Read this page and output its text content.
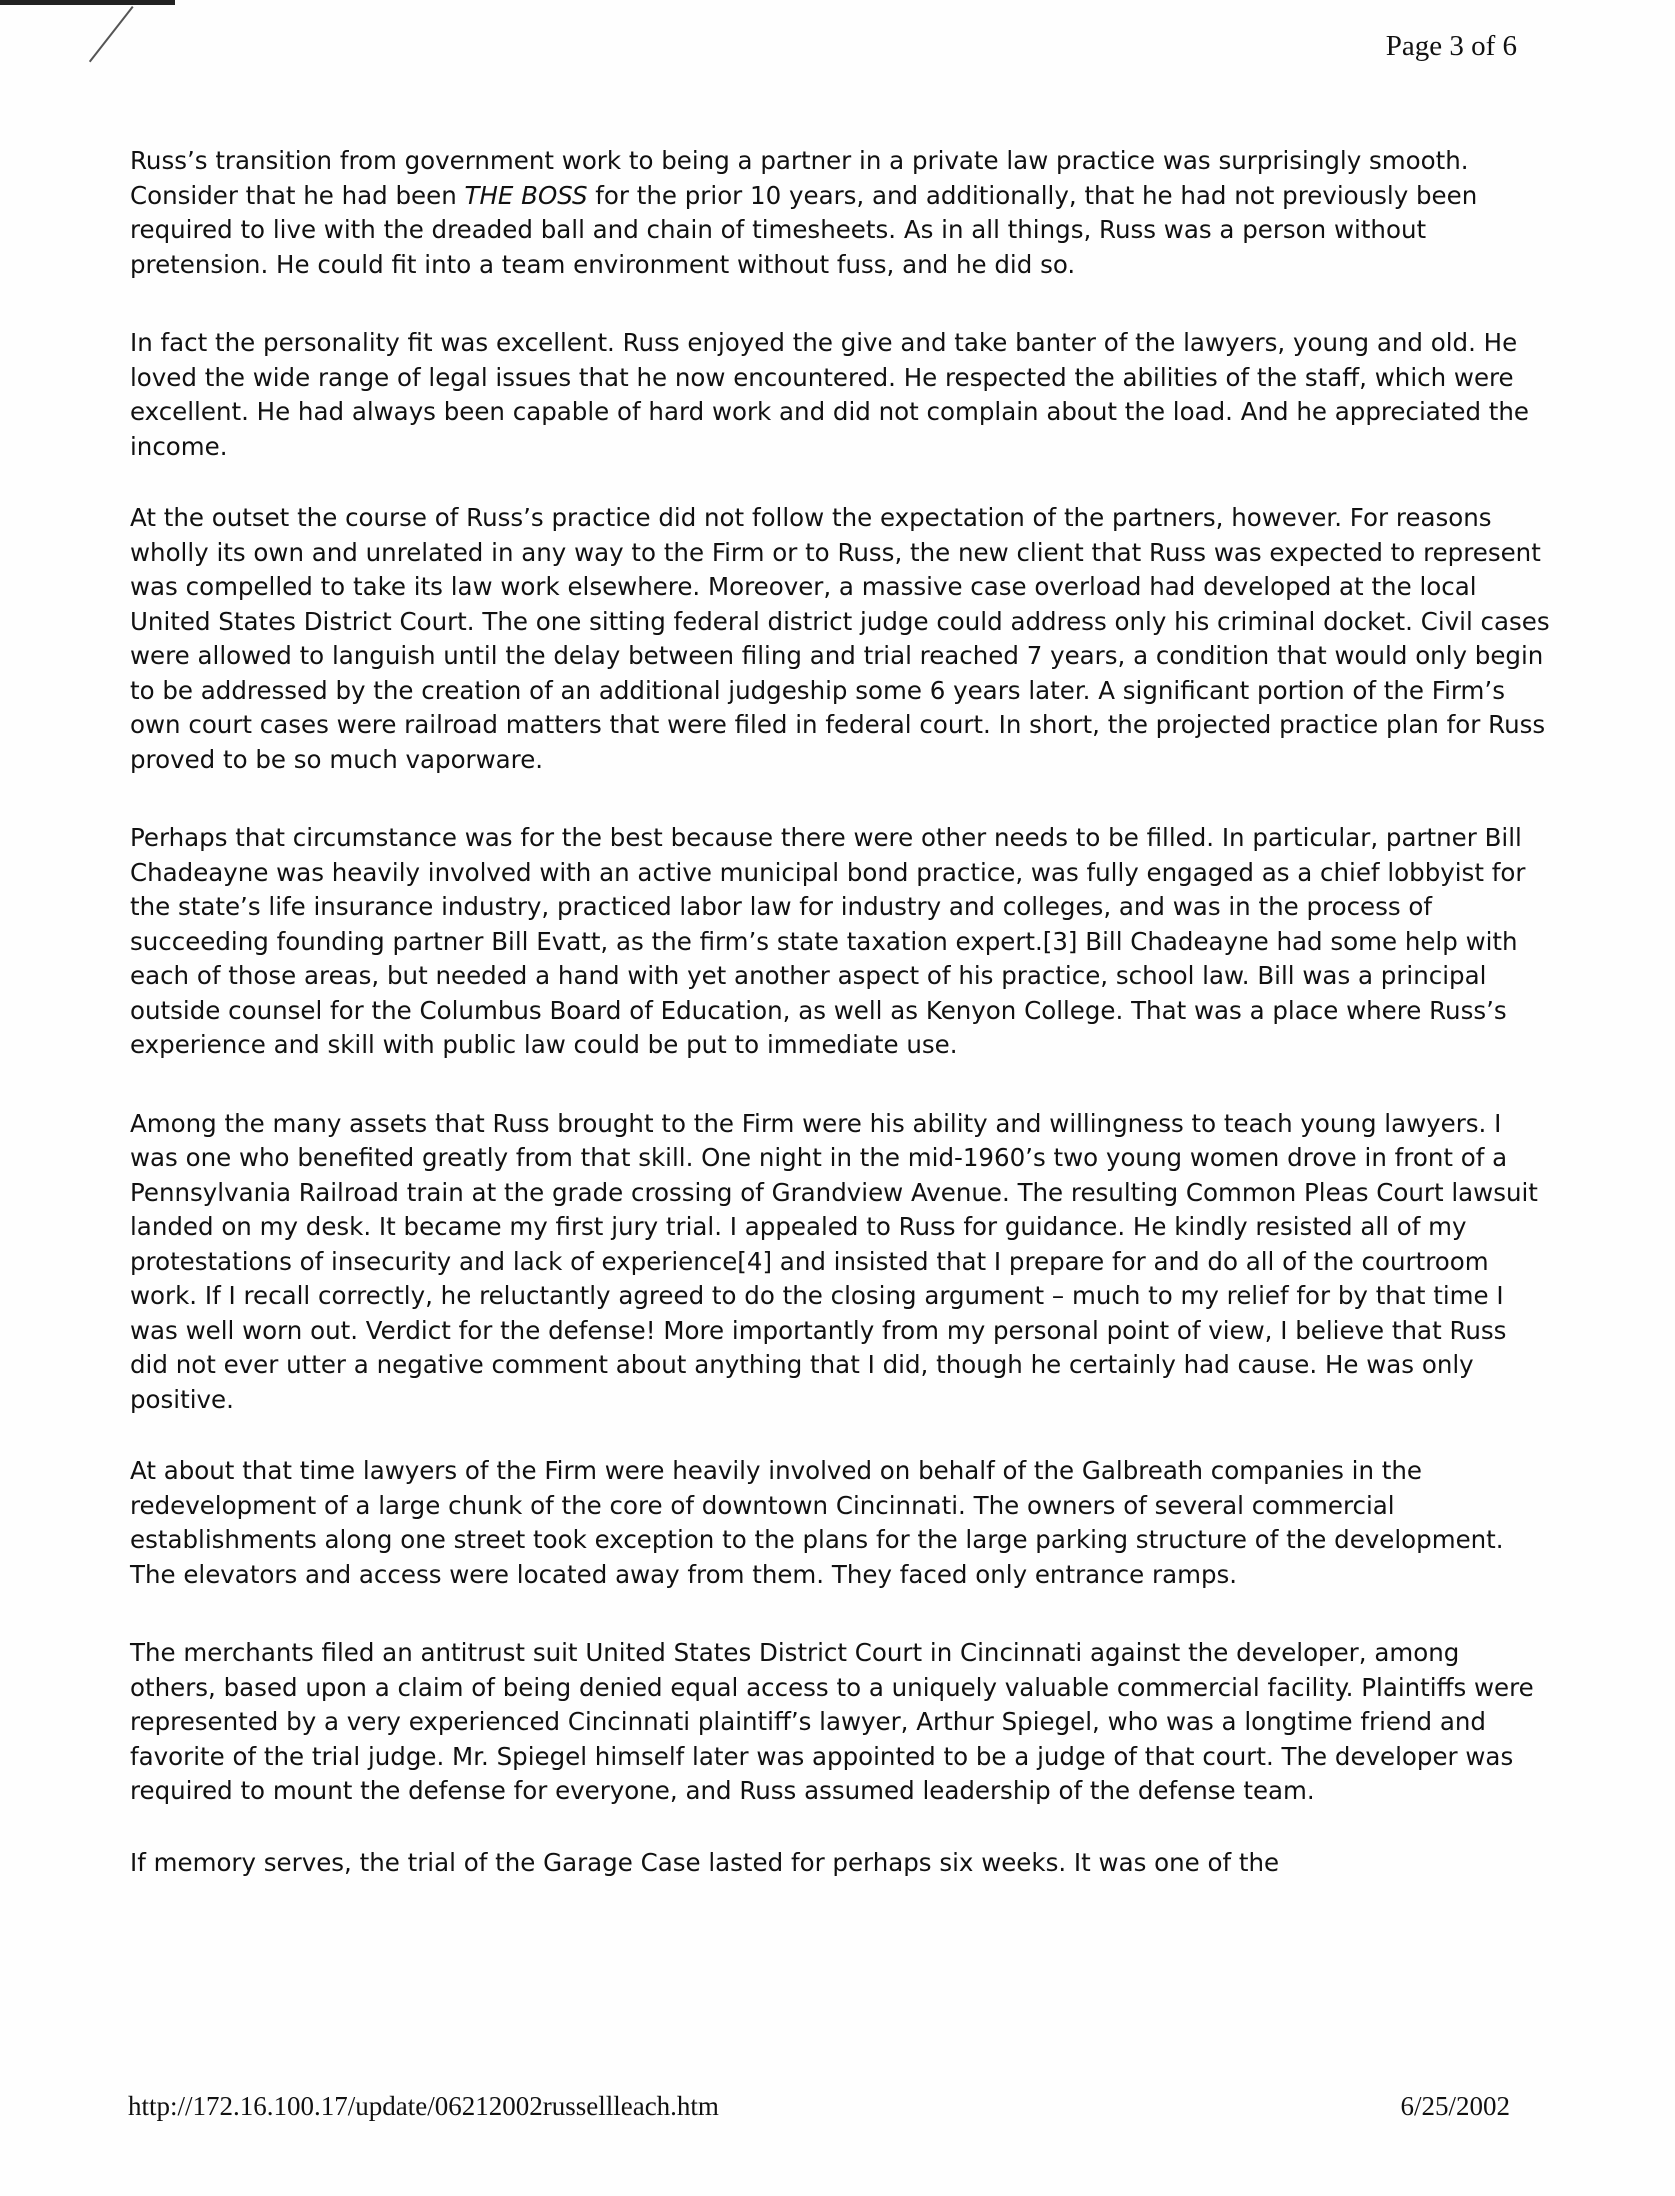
Page 3 of 6

Russ’s transition from government work to being a partner in a private law practice was surprisingly smooth. Consider that he had been THE BOSS for the prior 10 years, and additionally, that he had not previously been required to live with the dreaded ball and chain of timesheets. As in all things, Russ was a person without pretension. He could fit into a team environment without fuss, and he did so.

In fact the personality fit was excellent. Russ enjoyed the give and take banter of the lawyers, young and old. He loved the wide range of legal issues that he now encountered. He respected the abilities of the staff, which were excellent. He had always been capable of hard work and did not complain about the load. And he appreciated the income.

At the outset the course of Russ’s practice did not follow the expectation of the partners, however. For reasons wholly its own and unrelated in any way to the Firm or to Russ, the new client that Russ was expected to represent was compelled to take its law work elsewhere. Moreover, a massive case overload had developed at the local United States District Court. The one sitting federal district judge could address only his criminal docket. Civil cases were allowed to languish until the delay between filing and trial reached 7 years, a condition that would only begin to be addressed by the creation of an additional judgeship some 6 years later. A significant portion of the Firm’s own court cases were railroad matters that were filed in federal court. In short, the projected practice plan for Russ proved to be so much vaporware.

Perhaps that circumstance was for the best because there were other needs to be filled. In particular, partner Bill Chadeayne was heavily involved with an active municipal bond practice, was fully engaged as a chief lobbyist for the state’s life insurance industry, practiced labor law for industry and colleges, and was in the process of succeeding founding partner Bill Evatt, as the firm’s state taxation expert.[3] Bill Chadeayne had some help with each of those areas, but needed a hand with yet another aspect of his practice, school law. Bill was a principal outside counsel for the Columbus Board of Education, as well as Kenyon College. That was a place where Russ’s experience and skill with public law could be put to immediate use.

Among the many assets that Russ brought to the Firm were his ability and willingness to teach young lawyers. I was one who benefited greatly from that skill. One night in the mid-1960’s two young women drove in front of a Pennsylvania Railroad train at the grade crossing of Grandview Avenue. The resulting Common Pleas Court lawsuit landed on my desk. It became my first jury trial. I appealed to Russ for guidance. He kindly resisted all of my protestations of insecurity and lack of experience[4] and insisted that I prepare for and do all of the courtroom work. If I recall correctly, he reluctantly agreed to do the closing argument – much to my relief for by that time I was well worn out. Verdict for the defense! More importantly from my personal point of view, I believe that Russ did not ever utter a negative comment about anything that I did, though he certainly had cause. He was only positive.

At about that time lawyers of the Firm were heavily involved on behalf of the Galbreath companies in the redevelopment of a large chunk of the core of downtown Cincinnati. The owners of several commercial establishments along one street took exception to the plans for the large parking structure of the development. The elevators and access were located away from them. They faced only entrance ramps.

The merchants filed an antitrust suit United States District Court in Cincinnati against the developer, among others, based upon a claim of being denied equal access to a uniquely valuable commercial facility. Plaintiffs were represented by a very experienced Cincinnati plaintiff’s lawyer, Arthur Spiegel, who was a longtime friend and favorite of the trial judge. Mr. Spiegel himself later was appointed to be a judge of that court. The developer was required to mount the defense for everyone, and Russ assumed leadership of the defense team.

If memory serves, the trial of the Garage Case lasted for perhaps six weeks. It was one of the

http://172.16.100.17/update/06212002russellleach.htm	6/25/2002
